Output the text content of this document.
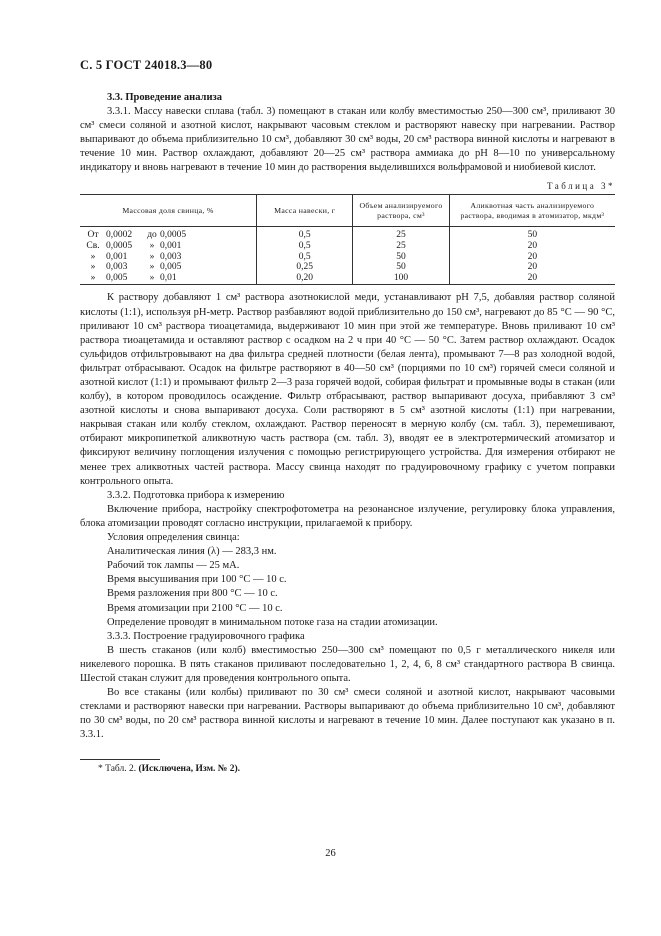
С. 5 ГОСТ 24018.3—80
3.3. Проведение анализа

3.3.1. Массу навески сплава (табл. 3) помещают в стакан или колбу вместимостью 250—300 см³, приливают 30 см³ смеси соляной и азотной кислот, накрывают часовым стеклом и растворяют навеску при нагревании. Раствор выпаривают до объема приблизительно 10 см³, добавляют 30 см³ воды, 20 см³ раствора винной кислоты и нагревают в течение 10 мин. Раствор охлаждают, добавляют 20—25 см³ раствора аммиака до рН 8—10 по универсальному индикатору и вновь нагревают в течение 10 мин до растворения выделившихся вольфрамовой и ниобиевой кислот.

Таблица 3*
Массовая доля свинца, %	Масса навески, г	Объем анализируемого раствора, см³	Аликвотная часть анализируемого раствора, вводимая в атомизатор, мкдм³
От 0,0002 до 0,0005	0,5	25	50
Св. 0,0005 » 0,001	0,5	25	20
» 0,001 » 0,003	0,5	50	20
» 0,003 » 0,005	0,25	50	20
» 0,005 » 0,01	0,20	100	20

К раствору добавляют 1 см³ раствора азотнокислой меди, устанавливают рН 7,5, добавляя раствор соляной кислоты (1:1), используя рН-метр. Раствор разбавляют водой приблизительно до 150 см³, нагревают до 85 °С — 90 °С, приливают 10 см³ раствора тиоацетамида, выдерживают 10 мин при этой же температуре. Вновь приливают 10 см³ раствора тиоацетамида и оставляют раствор с осадком на 2 ч при 40 °С — 50 °С. Затем раствор охлаждают. Осадок сульфидов отфильтровывают на два фильтра средней плотности (белая лента), промывают 7—8 раз холодной водой, фильтрат отбрасывают. Осадок на фильтре растворяют в 40—50 см³ (порциями по 10 см³) горячей смеси соляной и азотной кислот (1:1) и промывают фильтр 2—3 раза горячей водой, собирая фильтрат и промывные воды в стакан (или колбу), в котором проводилось осаждение. Фильтр отбрасывают, раствор выпаривают досуха, прибавляют 3 см³ азотной кислоты и снова выпаривают досуха. Соли растворяют в 5 см³ азотной кислоты (1:1) при нагревании, накрывая стакан или колбу стеклом, охлаждают. Раствор переносят в мерную колбу (см. табл. 3), перемешивают, отбирают микропипеткой аликвотную часть раствора (см. табл. 3), вводят ее в электротермический атомизатор и фиксируют величину поглощения излучения с помощью регистрирующего устройства. Для измерения отбирают не менее трех аликвотных частей раствора. Массу свинца находят по градуировочному графику с учетом поправки контрольного опыта.

3.3.2. Подготовка прибора к измерению

Включение прибора, настройку спектрофотометра на резонансное излучение, регулировку блока управления, блока атомизации проводят согласно инструкции, прилагаемой к прибору.

Условия определения свинца:

Аналитическая линия (λ) — 283,3 нм.

Рабочий ток лампы — 25 мА.

Время высушивания при 100 °С — 10 с.

Время разложения при 800 °С — 10 с.

Время атомизации при 2100 °С — 10 с.

Определение проводят в минимальном потоке газа на стадии атомизации.

3.3.3. Построение градуировочного графика

В шесть стаканов (или колб) вместимостью 250—300 см³ помещают по 0,5 г металлического никеля или никелевого порошка. В пять стаканов приливают последовательно 1, 2, 4, 6, 8 см³ стандартного раствора В свинца. Шестой стакан служит для проведения контрольного опыта.

Во все стаканы (или колбы) приливают по 30 см³ смеси соляной и азотной кислот, накрывают часовыми стеклами и растворяют навески при нагревании. Растворы выпаривают до объема приблизительно 10 см³, добавляют по 30 см³ воды, по 20 см³ раствора винной кислоты и нагревают в течение 10 мин. Далее поступают как указано в п. 3.3.1.

* Табл. 2. (Исключена, Изм. № 2).
26
